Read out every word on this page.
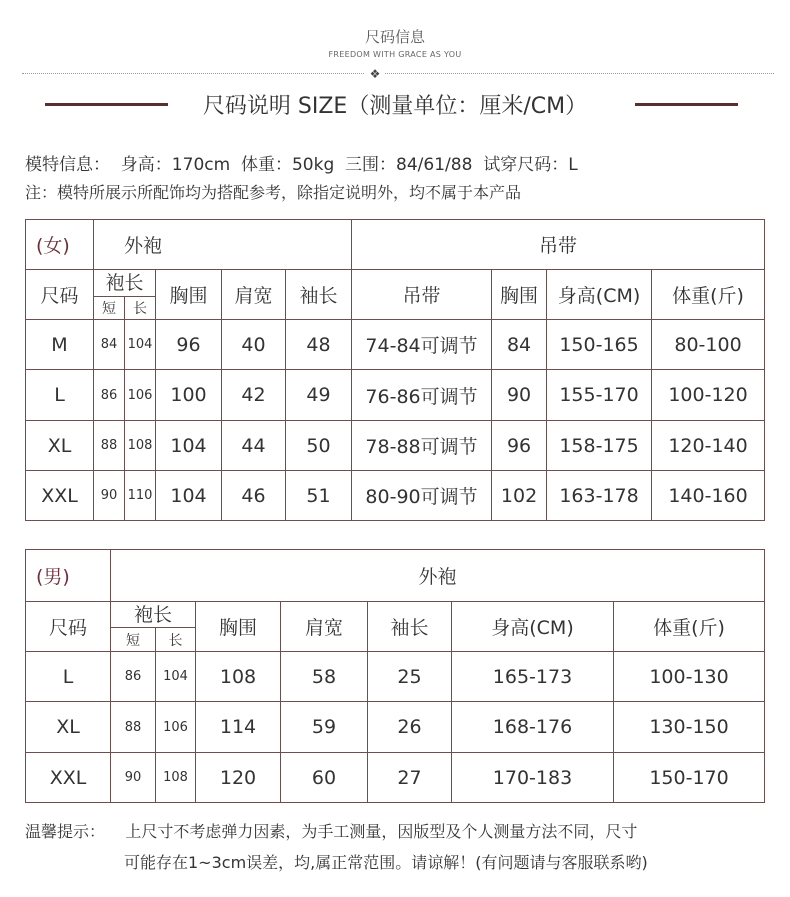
尺码信息
FREEDOM WITH GRACE AS YOU
❖
尺码说明 SIZE（测量单位：厘米/CM）
模特信息：  身高：170cm  体重：50kg  三围：84/61/88  试穿尺码：L
注：模特所展示所配饰均为搭配参考，除指定说明外，均不属于本产品
(女)	外袍					吊带			
尺码	袍长		胸围	肩宽	袖长	吊带	胸围	身高(CM)	体重(斤)
	短	长							
M	84	104	96	40	48	74-84可调节	84	150-165	80-100
L	86	106	100	42	49	76-86可调节	90	155-170	100-120
XL	88	108	104	44	50	78-88可调节	96	158-175	120-140
XXL	90	110	104	46	51	80-90可调节	102	163-178	140-160
(男)	外袍						
尺码	袍长		胸围	肩宽	袖长	身高(CM)	体重(斤)
	短	长					
L	86	104	108	58	25	165-173	100-130
XL	88	106	114	59	26	168-176	130-150
XXL	90	108	120	60	27	170-183	150-170
温馨提示：    上尺寸不考虑弹力因素，为手工测量，因版型及个人测量方法不同，尺寸
可能存在1~3cm误差，均,属正常范围。请谅解！(有问题请与客服联系哟)
